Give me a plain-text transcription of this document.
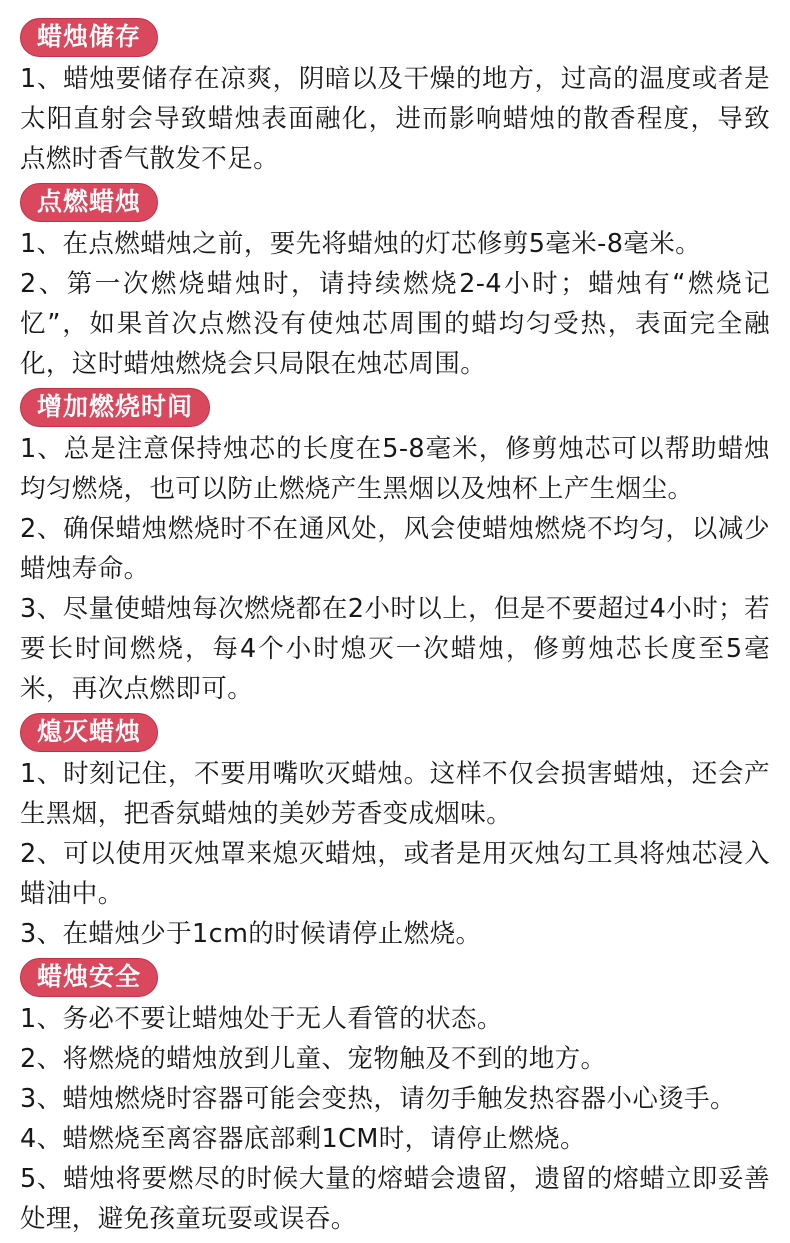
蜡烛储存

1、蜡烛要储存在凉爽，阴暗以及干燥的地方，过高的温度或者是太阳直射会导致蜡烛表面融化，进而影响蜡烛的散香程度，导致点燃时香气散发不足。

点燃蜡烛

1、在点燃蜡烛之前，要先将蜡烛的灯芯修剪5毫米-8毫米。

2、第一次燃烧蜡烛时，请持续燃烧2-4小时；蜡烛有“燃烧记忆”，如果首次点燃没有使烛芯周围的蜡均匀受热，表面完全融化，这时蜡烛燃烧会只局限在烛芯周围。

增加燃烧时间

1、总是注意保持烛芯的长度在5-8毫米，修剪烛芯可以帮助蜡烛均匀燃烧，也可以防止燃烧产生黑烟以及烛杯上产生烟尘。

2、确保蜡烛燃烧时不在通风处，风会使蜡烛燃烧不均匀，以减少蜡烛寿命。

3、尽量使蜡烛每次燃烧都在2小时以上，但是不要超过4小时；若要长时间燃烧，每4个小时熄灭一次蜡烛，修剪烛芯长度至5毫米，再次点燃即可。

熄灭蜡烛

1、时刻记住，不要用嘴吹灭蜡烛。这样不仅会损害蜡烛，还会产生黑烟，把香氛蜡烛的美妙芳香变成烟味。

2、可以使用灭烛罩来熄灭蜡烛，或者是用灭烛勾工具将烛芯浸入蜡油中。

3、在蜡烛少于1cm的时候请停止燃烧。

蜡烛安全

1、务必不要让蜡烛处于无人看管的状态。

2、将燃烧的蜡烛放到儿童、宠物触及不到的地方。

3、蜡烛燃烧时容器可能会变热，请勿手触发热容器小心烫手。

4、蜡燃烧至离容器底部剩1CM时，请停止燃烧。

5、蜡烛将要燃尽的时候大量的熔蜡会遗留，遗留的熔蜡立即妥善处理，避免孩童玩耍或误吞。
